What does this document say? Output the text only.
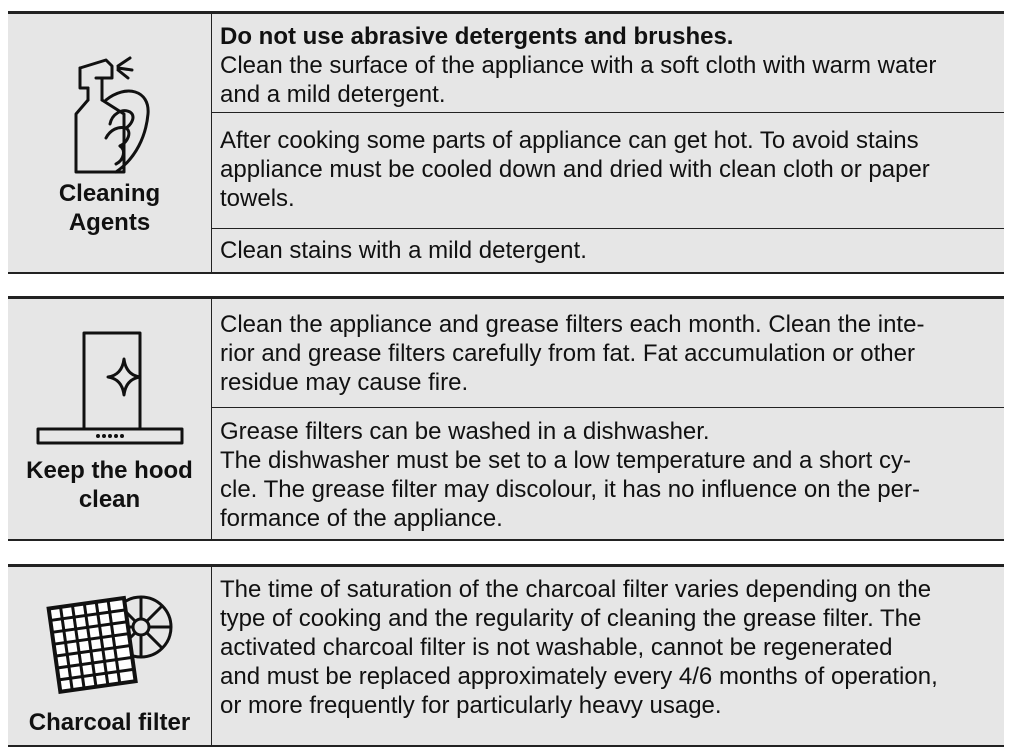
Cleaning
Agents

Do not use abrasive detergents and brushes.
Clean the surface of the appliance with a soft cloth with warm water
and a mild detergent.

After cooking some parts of appliance can get hot. To avoid stains
appliance must be cooled down and dried with clean cloth or paper
towels.

Clean stains with a mild detergent.

Keep the hood
clean

Clean the appliance and grease filters each month. Clean the inte-
rior and grease filters carefully from fat. Fat accumulation or other
residue may cause fire.

Grease filters can be washed in a dishwasher.
The dishwasher must be set to a low temperature and a short cy-
cle. The grease filter may discolour, it has no influence on the per-
formance of the appliance.

Charcoal filter

The time of saturation of the charcoal filter varies depending on the
type of cooking and the regularity of cleaning the grease filter. The
activated charcoal filter is not washable, cannot be regenerated
and must be replaced approximately every 4/6 months of operation,
or more frequently for particularly heavy usage.
